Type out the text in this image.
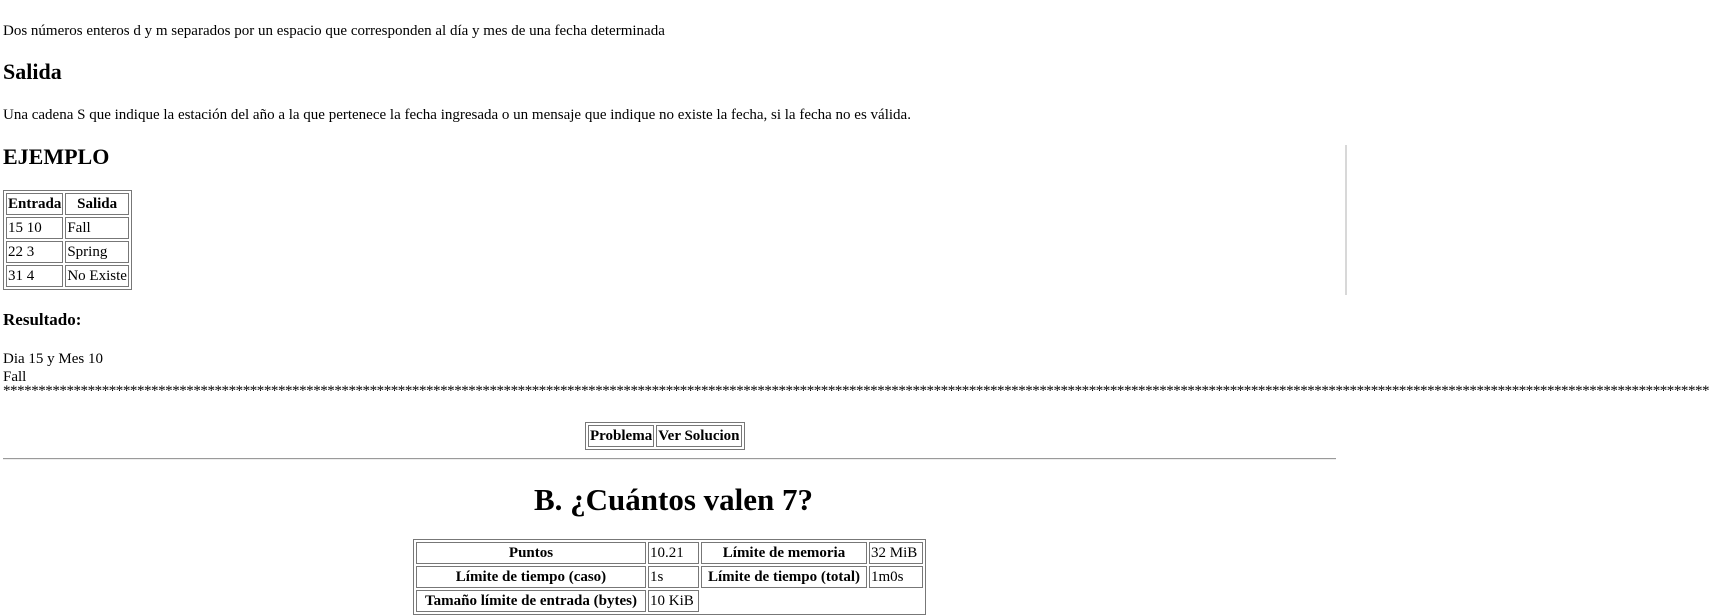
Dos números enteros d y m separados por un espacio que corresponden al día y mes de una fecha determinada

Salida

Una cadena S que indique la estación del año a la que pertenece la fecha ingresada o un mensaje que indique no existe la fecha, si la fecha no es válida.

EJEMPLO
Entrada	Salida
15 10	Fall
22 3	Spring
31 4	No Existe
Resultado:

Dia 15 y Mes 10

Fall

**************************************************************************************************************************************************************************************************************************************************
Problema	Ver Solucion
B. ¿Cuántos valen 7?
Puntos	10.21	Límite de memoria	32 MiB
Límite de tiempo (caso)	1s	Límite de tiempo (total)	1m0s
Tamaño límite de entrada (bytes)	10 KiB		
